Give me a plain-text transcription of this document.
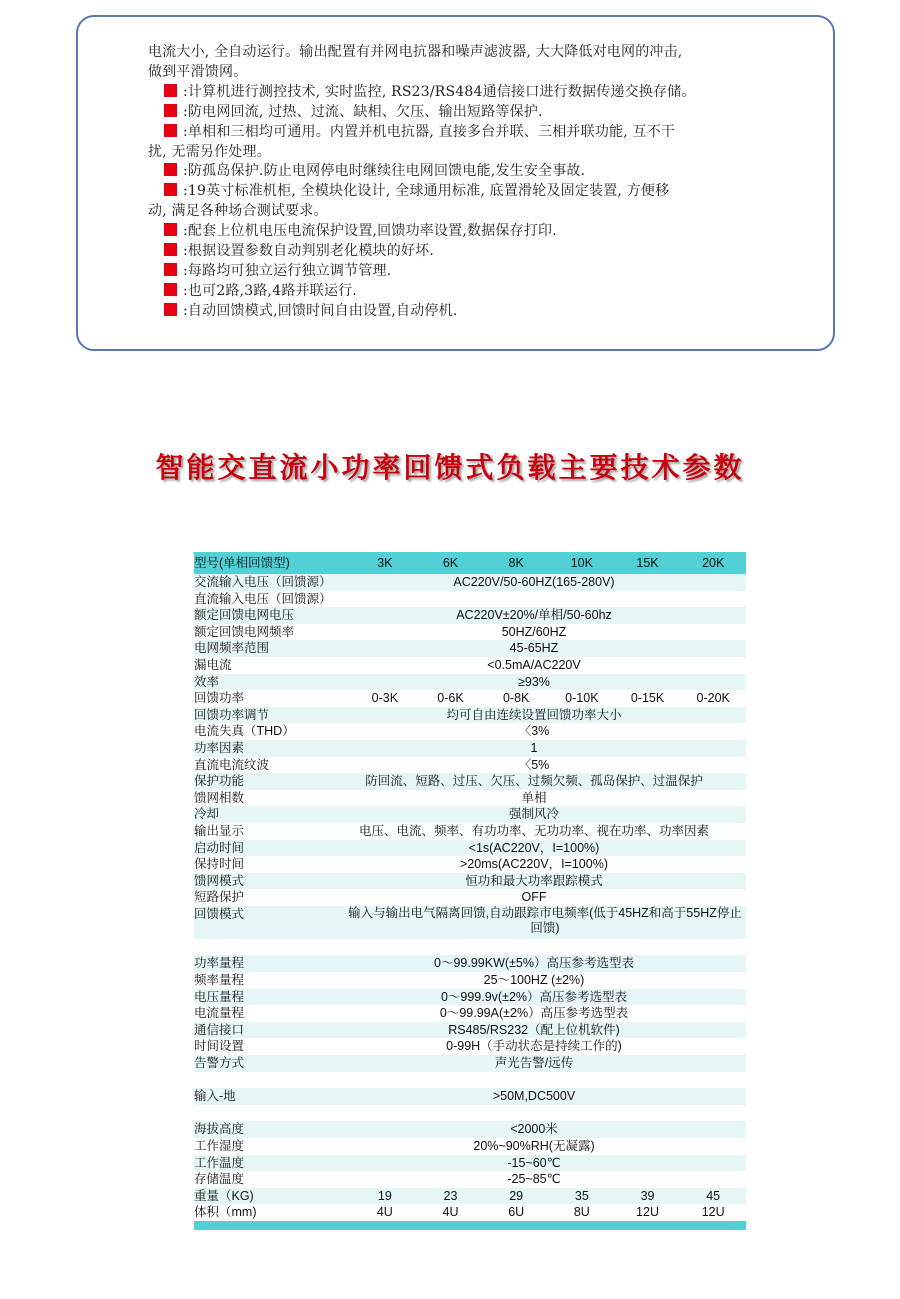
电流大小, 全自动运行。输出配置有并网电抗器和噪声滤波器, 大大降低对电网的冲击,
做到平滑馈网。
:计算机进行测控技术, 实时监控, RS23/RS484通信接口进行数据传递交换存储。
:防电网回流, 过热、过流、缺相、欠压、输出短路等保护.
:单相和三相均可通用。内置并机电抗器, 直接多台并联、三相并联功能, 互不干
扰, 无需另作处理。
:防孤岛保护.防止电网停电时继续往电网回馈电能,发生安全事故.
:19英寸标准机柜, 全模块化设计, 全球通用标准, 底置滑轮及固定装置, 方便移
动, 满足各种场合测试要求。
:配套上位机电压电流保护设置,回馈功率设置,数据保存打印.
:根据设置参数自动判别老化模块的好坏.
:每路均可独立运行独立调节管理.
:也可2路,3路,4路并联运行.
:自动回馈模式,回馈时间自由设置,自动停机.
智能交直流小功率回馈式负载主要技术参数
型号(单相回馈型)	3K	6K	8K	10K	15K	20K
交流输入电压（回馈源）	AC220V/50-60HZ(165-280V)
直流输入电压（回馈源）
额定回馈电网电压	AC220V±20%/单相/50-60hz
额定回馈电网频率	50HZ/60HZ
电网频率范围	45-65HZ
漏电流	<0.5mA/AC220V
效率	≥93%
回馈功率	0-3K	0-6K	0-8K	0-10K	0-15K	0-20K
回馈功率调节	均可自由连续设置回馈功率大小
电流失真（THD）	〈3%
功率因素	1
直流电流纹波	〈5%
保护功能	防回流、短路、过压、欠压、过频欠频、孤岛保护、过温保护
馈网相数	单相
冷却	强制风冷
输出显示	电压、电流、频率、有功功率、无功功率、视在功率、功率因素
启动时间	<1s(AC220V，I=100%)
保持时间	>20ms(AC220V，I=100%)
馈网模式	恒功和最大功率跟踪模式
短路保护	OFF
回馈模式	输入与输出电气隔离回馈,自动跟踪市电频率(低于45HZ和高于55HZ停止回馈)
功率量程	0～99.99KW(±5%）高压参考选型表
频率量程	25～100HZ (±2%)
电压量程	0～999.9v(±2%）高压参考选型表
电流量程	0～99.99A(±2%）高压参考选型表
通信接口	RS485/RS232（配上位机软件)
时间设置	0-99H（手动状态是持续工作的)
告警方式	声光告警/远传
输入-地	>50M,DC500V
海拔高度	<2000米
工作湿度	20%~90%RH(无凝露)
工作温度	-15~60℃
存储温度	-25~85℃
重量（KG)	19	23	29	35	39	45
体积（mm)	4U	4U	6U	8U	12U	12U
